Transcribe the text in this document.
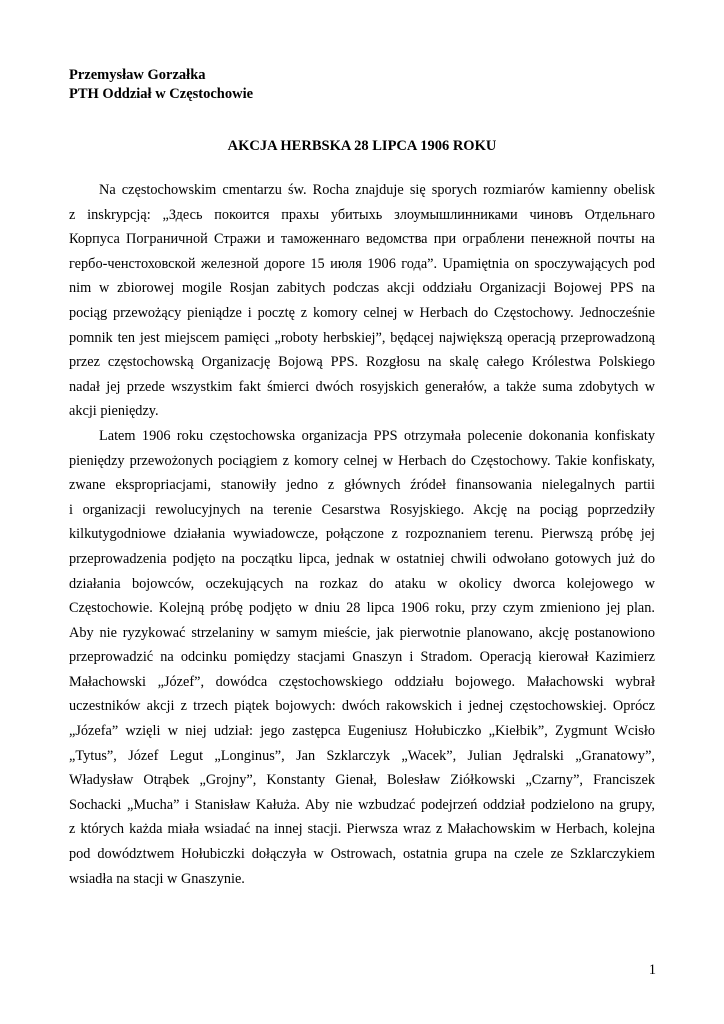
Przemysław Gorzałka
PTH Oddział w Częstochowie
AKCJA HERBSKA 28 LIPCA 1906 ROKU
Na częstochowskim cmentarzu św. Rocha znajduje się sporych rozmiarów kamienny obelisk
z inskrypcją: „Здесь покоится прахы убитыхь злоумышлинниками чиновъ Отдельнаго
Корпуса Пограничной Стражи и таможеннаго ведомства при ограблени пенежной почты на
гербо-ченстоховской железной дороге 15 июля 1906 года”. Upamiętnia on spoczywających pod
nim w zbiorowej mogile Rosjan zabitych podczas akcji oddziału Organizacji Bojowej PPS na
pociąg przewożący pieniądze i pocztę z komory celnej w Herbach do Częstochowy. Jednocześnie
pomnik ten jest miejscem pamięci „roboty herbskiej”, będącej największą operacją przeprowadzoną
przez częstochowską Organizację Bojową PPS. Rozgłosu na skalę całego Królestwa Polskiego
nadał jej przede wszystkim fakt śmierci dwóch rosyjskich generałów, a także suma zdobytych w
akcji pieniędzy.
Latem 1906 roku częstochowska organizacja PPS otrzymała polecenie dokonania konfiskaty
pieniędzy przewożonych pociągiem z komory celnej w Herbach do Częstochowy. Takie konfiskaty,
zwane ekspropriacjami, stanowiły jedno z głównych źródeł finansowania nielegalnych partii
i organizacji rewolucyjnych na terenie Cesarstwa Rosyjskiego. Akcję na pociąg poprzedziły
kilkutygodniowe działania wywiadowcze, połączone z rozpoznaniem terenu. Pierwszą próbę jej
przeprowadzenia podjęto na początku lipca, jednak w ostatniej chwili odwołano gotowych już do
działania bojowców, oczekujących na rozkaz do ataku w okolicy dworca kolejowego w
Częstochowie. Kolejną próbę podjęto w dniu 28 lipca 1906 roku, przy czym zmieniono jej plan.
Aby nie ryzykować strzelaniny w samym mieście, jak pierwotnie planowano, akcję postanowiono
przeprowadzić na odcinku pomiędzy stacjami Gnaszyn i Stradom. Operacją kierował Kazimierz
Małachowski „Józef”, dowódca częstochowskiego oddziału bojowego. Małachowski wybrał
uczestników akcji z trzech piątek bojowych: dwóch rakowskich i jednej częstochowskiej. Oprócz
„Józefa” wzięli w niej udział: jego zastępca Eugeniusz Hołubiczko „Kiełbik”, Zygmunt Wcisło
„Tytus”, Józef Legut „Longinus”, Jan Szklarczyk „Wacek”, Julian Jędralski „Granatowy”,
Władysław Otrąbek „Grojny”, Konstanty Gienał, Bolesław Ziółkowski „Czarny”, Franciszek
Sochacki „Mucha” i Stanisław Kałuża. Aby nie wzbudzać podejrzeń oddział podzielono na grupy,
z których każda miała wsiadać na innej stacji. Pierwsza wraz z Małachowskim w Herbach, kolejna
pod dowództwem Hołubiczki dołączyła w Ostrowach, ostatnia grupa na czele ze Szklarczykiem
wsiadła na stacji w Gnaszynie.
1
